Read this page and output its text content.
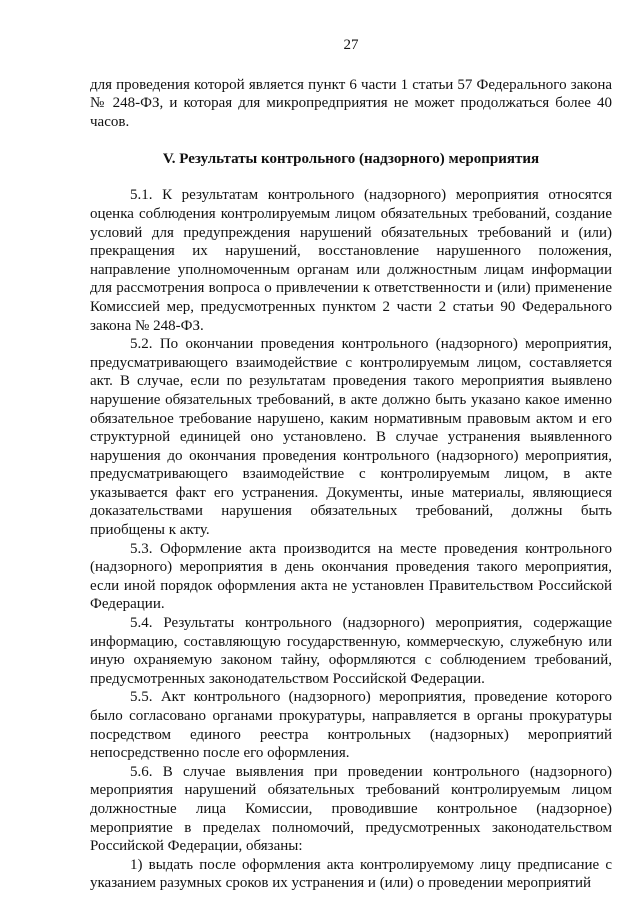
27

для проведения которой является пункт 6 части 1 статьи 57 Федерального закона № 248-ФЗ, и которая для микропредприятия не может продолжаться более 40 часов.

V. Результаты контрольного (надзорного) мероприятия

5.1. К результатам контрольного (надзорного) мероприятия относятся оценка соблюдения контролируемым лицом обязательных требований, создание условий для предупреждения нарушений обязательных требований и (или) прекращения их нарушений, восстановление нарушенного положения, направление уполномоченным органам или должностным лицам информации для рассмотрения вопроса о привлечении к ответственности и (или) применение Комиссией мер, предусмотренных пунктом 2 части 2 статьи 90 Федерального закона № 248-ФЗ.

5.2. По окончании проведения контрольного (надзорного) мероприятия, предусматривающего взаимодействие с контролируемым лицом, составляется акт. В случае, если по результатам проведения такого мероприятия выявлено нарушение обязательных требований, в акте должно быть указано какое именно обязательное требование нарушено, каким нормативным правовым актом и его структурной единицей оно установлено. В случае устранения выявленного нарушения до окончания проведения контрольного (надзорного) мероприятия, предусматривающего взаимодействие с контролируемым лицом, в акте указывается факт его устранения. Документы, иные материалы, являющиеся доказательствами нарушения обязательных требований, должны быть приобщены к акту.

5.3. Оформление акта производится на месте проведения контрольного (надзорного) мероприятия в день окончания проведения такого мероприятия, если иной порядок оформления акта не установлен Правительством Российской Федерации.

5.4. Результаты контрольного (надзорного) мероприятия, содержащие информацию, составляющую государственную, коммерческую, служебную или иную охраняемую законом тайну, оформляются с соблюдением требований, предусмотренных законодательством Российской Федерации.

5.5. Акт контрольного (надзорного) мероприятия, проведение которого было согласовано органами прокуратуры, направляется в органы прокуратуры посредством единого реестра контрольных (надзорных) мероприятий непосредственно после его оформления.

5.6. В случае выявления при проведении контрольного (надзорного) мероприятия нарушений обязательных требований контролируемым лицом должностные лица Комиссии, проводившие контрольное (надзорное) мероприятие в пределах полномочий, предусмотренных законодательством Российской Федерации, обязаны:

1) выдать после оформления акта контролируемому лицу предписание с указанием разумных сроков их устранения и (или) о проведении мероприятий
